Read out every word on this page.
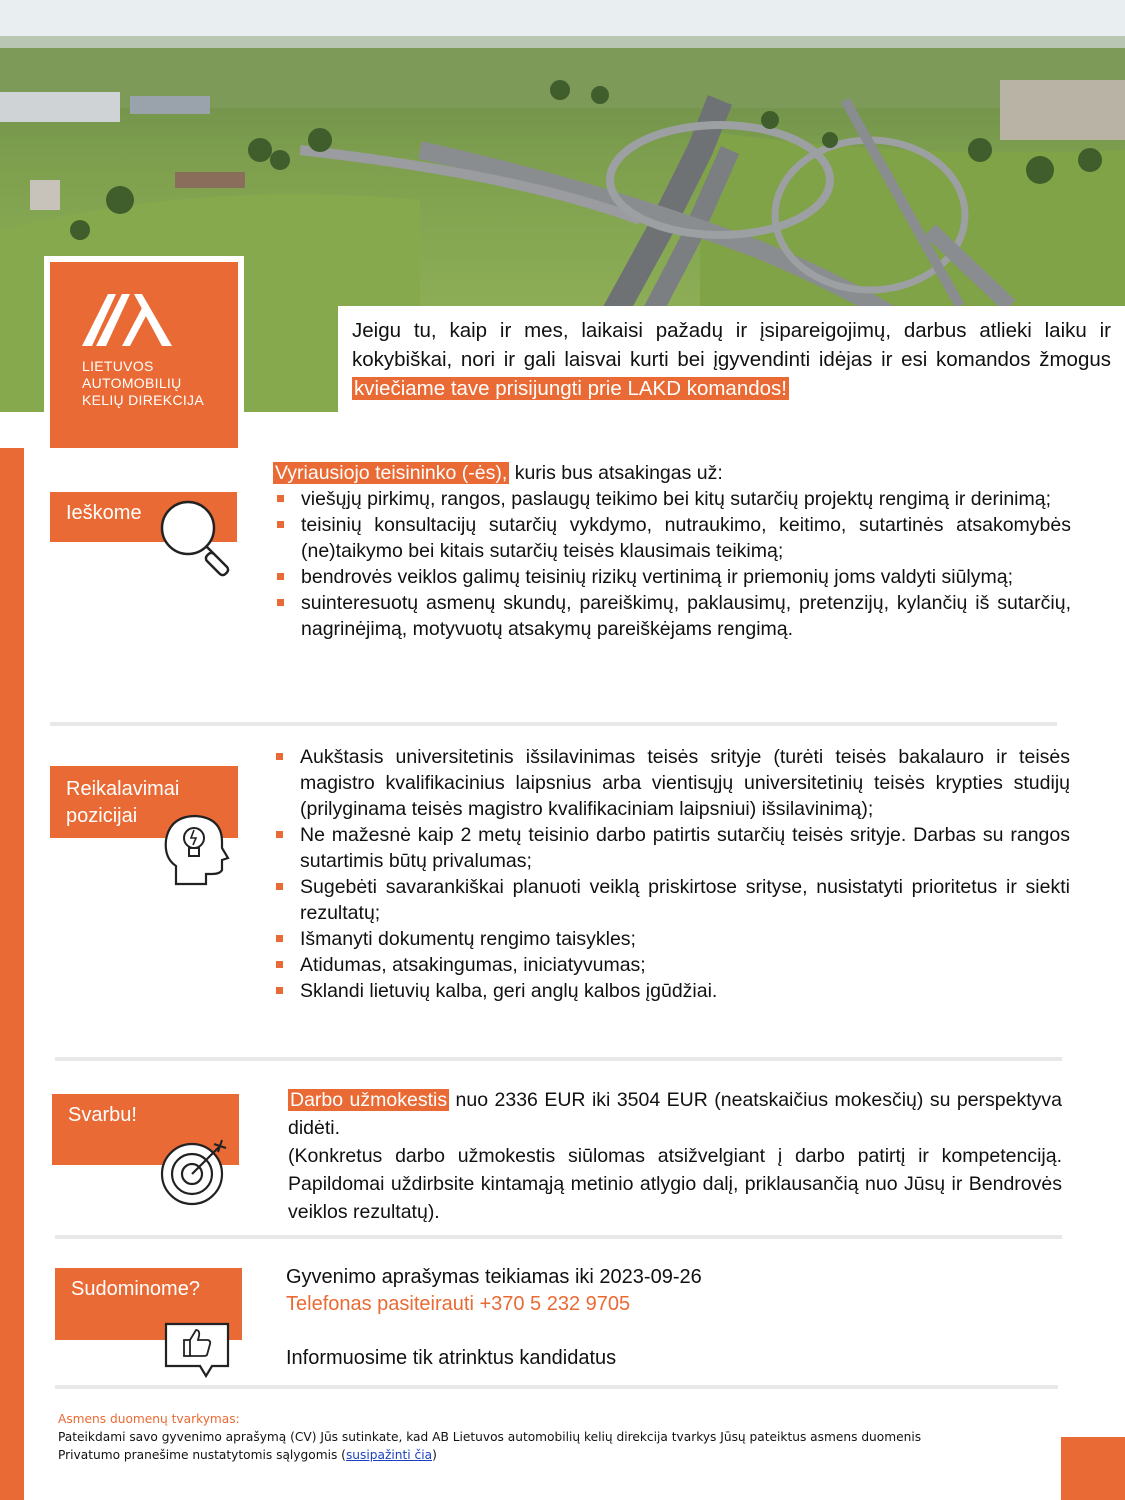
LIETUVOS
AUTOMOBILIŲ
KELIŲ DIREKCIJA

Jeigu tu, kaip ir mes, laikaisi pažadų ir įsipareigojimų, darbus atlieki laiku ir kokybiškai, nori ir gali laisvai kurti bei įgyvendinti idėjas ir esi komandos žmogus kviečiame tave prisijungti prie LAKD komandos!

Ieškome
Vyriausiojo teisininko (-ės), kuris bus atsakingas už:
viešųjų pirkimų, rangos, paslaugų teikimo bei kitų sutarčių projektų rengimą ir derinimą;
teisinių konsultacijų sutarčių vykdymo, nutraukimo, keitimo, sutartinės atsakomybės (ne)taikymo bei kitais sutarčių teisės klausimais teikimą;
bendrovės veiklos galimų teisinių rizikų vertinimą ir priemonių joms valdyti siūlymą;
suinteresuotų asmenų skundų, pareiškimų, paklausimų, pretenzijų, kylančių iš sutarčių, nagrinėjimą, motyvuotų atsakymų pareiškėjams rengimą.
Reikalavimai
pozicijai
Aukštasis universitetinis išsilavinimas teisės srityje (turėti teisės bakalauro ir teisės magistro kvalifikacinius laipsnius arba vientisųjų universitetinių teisės krypties studijų (prilyginama teisės magistro kvalifikaciniam laipsniui) išsilavinimą);
Ne mažesnė kaip 2 metų teisinio darbo patirtis sutarčių teisės srityje. Darbas su rangos sutartimis būtų privalumas;
Sugebėti savarankiškai planuoti veiklą priskirtose srityse, nusistatyti prioritetus ir siekti rezultatų;
Išmanyti dokumentų rengimo taisykles;
Atidumas, atsakingumas, iniciatyvumas;
Sklandi lietuvių kalba, geri anglų kalbos įgūdžiai.
Svarbu!
Darbo užmokestis nuo 2336 EUR iki 3504 EUR (neatskaičius mokesčių) su perspektyva didėti.
(Konkretus darbo užmokestis siūlomas atsižvelgiant į darbo patirtį ir kompetenciją. Papildomai uždirbsite kintamąją metinio atlygio dalį, priklausančią nuo Jūsų ir Bendrovės veiklos rezultatų).
Sudominome?
Gyvenimo aprašymas teikiamas iki 2023-09-26
Telefonas pasiteirauti +370 5 232 9705
Informuosime tik atrinktus kandidatus
Asmens duomenų tvarkymas:
Pateikdami savo gyvenimo aprašymą (CV) Jūs sutinkate, kad AB Lietuvos automobilių kelių direkcija tvarkys Jūsų pateiktus asmens duomenis
Privatumo pranešime nustatytomis sąlygomis (susipažinti čia)
